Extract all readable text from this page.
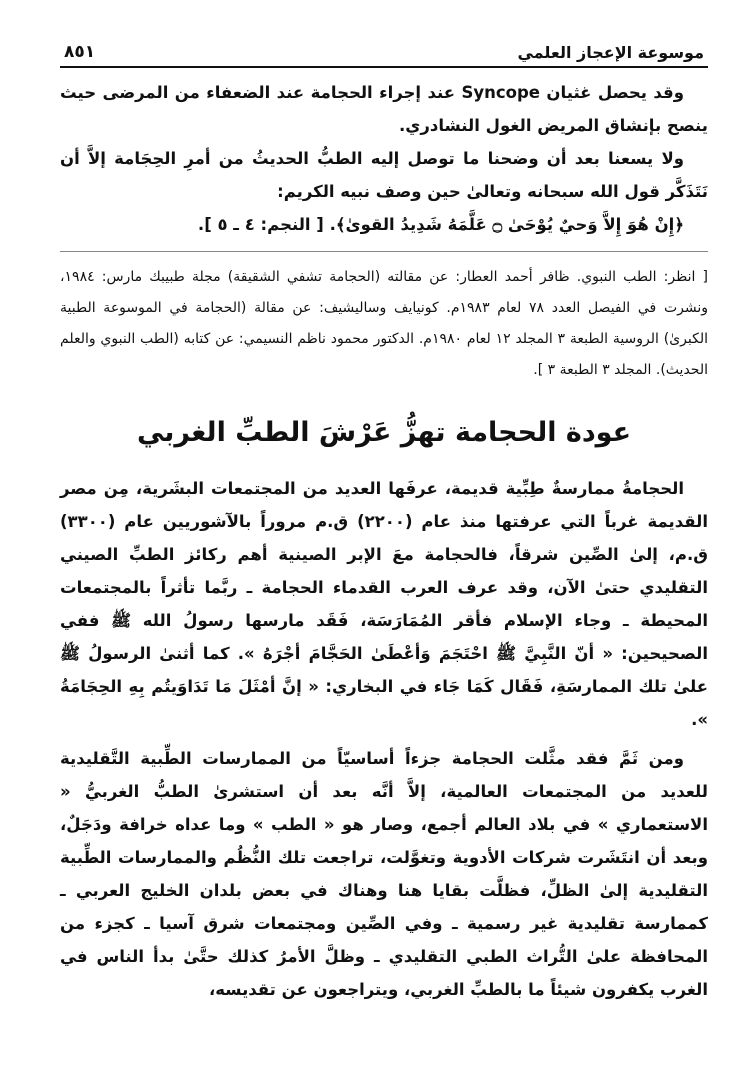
موسوعة الإعجاز العلمي
٨٥١

وقد يحصل غثيان Syncope عند إجراء الحجامة عند الضعفاء من المرضى حيث ينصح بإنشاق المريض الغول النشادري.

ولا يسعنا بعد أن وضحنا ما توصل إليه الطبُّ الحديثُ من أمرِ الحِجَامة إلاَّ أن نَتَذَكَّر قول الله سبحانه وتعالىٰ حين وصف نبيه الكريم:

﴿إِنْ هُوَ إِلاَّ وَحيٌ يُوْحَىٰ ۝ عَلَّمَهُ شَدِيدُ القوىٰ﴾. [ النجم: ٤ ـ ٥ ].

[ انظر: الطب النبوي. ظافر أحمد العطار: عن مقالته (الحجامة تشفي الشقيقة) مجلة طبيبك مارس: ١٩٨٤، ونشرت في الفيصل العدد ٧٨ لعام ١٩٨٣م. كونيايف وساليشيف: عن مقالة (الحجامة في الموسوعة الطبية الكبرىٰ) الروسية الطبعة ٣ المجلد ١٢ لعام ١٩٨٠م. الدكتور محمود ناظم النسيمي: عن كتابه (الطب النبوي والعلم الحديث). المجلد ٣ الطبعة ٣ ].

عودة الحجامة تهزُّ عَرْشَ الطبِّ الغربي

الحجامةُ ممارسةٌ طِبِّية قديمة، عرفَها العديد من المجتمعات البشَرية، مِن مصر القديمة غرباً التي عرفتها منذ عام (٢٢٠٠) ق.م مروراً بالآشوريين عام (٣٣٠٠) ق.م، إلىٰ الصِّين شرقاً، فالحجامة معَ الإبر الصينية أهم ركائز الطبِّ الصيني التقليدي حتىٰ الآن، وقد عرف العرب القدماء الحجامة ـ ربَّما تأثراً بالمجتمعات المحيطة ـ وجاء الإسلام فأقر المُمَارَسَة، فَقَد مارسها رسولُ الله ﷺ ففي الصحيحين: « أنّ النَّبِيَّ ﷺ احْتَجَمَ وَأعْطَىٰ الحَجَّامَ أجْرَهُ ». كما أثنىٰ الرسولُ ﷺ علىٰ تلك الممارسَةِ، فَقَال كَمَا جَاء في البخاري: « إنَّ أمْثَلَ مَا تَدَاوَيتُم بِهِ الحِجَامَةُ ».

ومن ثَمَّ فقد مثَّلت الحجامة جزءاً أساسيّاً من الممارسات الطِّبية التَّقليدية للعديد من المجتمعات العالمية، إلاَّ أنَّه بعد أن استشرىٰ الطبُّ الغربيُّ « الاستعماري » في بلاد العالم أجمع، وصار هو « الطب » وما عداه خرافة ودَجَلٌ، وبعد أن انتَشَرت شركات الأدوية وتغوَّلت، تراجعت تلك النُّظُم والممارسات الطِّبية التقليدية إلىٰ الظلِّ، فظلَّت بقايا هنا وهناك في بعض بلدان الخليج العربي ـ كممارسة تقليدية غير رسمية ـ وفي الصِّين ومجتمعات شرق آسيا ـ كجزء من المحافظة علىٰ التُّراث الطبي التقليدي ـ وظلَّ الأمرُ كذلك حتَّىٰ بدأ الناس في الغرب يكفرون شيئاً ما بالطبِّ الغربي، ويتراجعون عن تقديسه،
